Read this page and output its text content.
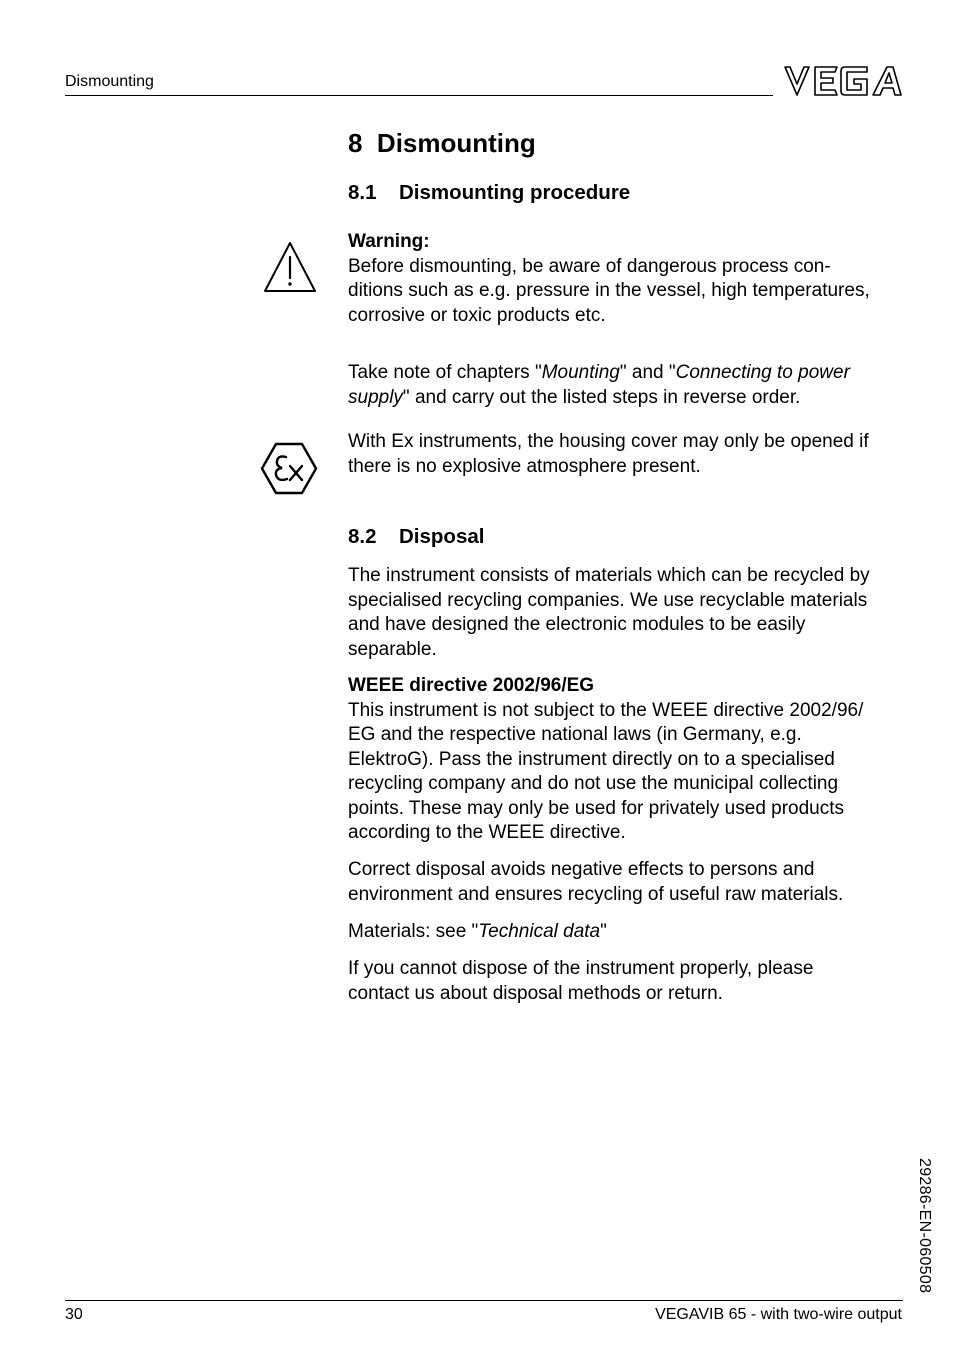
Dismounting
VEGA
8 Dismounting
8.1 Dismounting procedure
Warning:
Before dismounting, be aware of dangerous process con-
ditions such as e.g. pressure in the vessel, high temperatures,
corrosive or toxic products etc.
Take note of chapters "Mounting" and "Connecting to power
supply" and carry out the listed steps in reverse order.
With Ex instruments, the housing cover may only be opened if
there is no explosive atmosphere present.
8.2 Disposal
The instrument consists of materials which can be recycled by
specialised recycling companies. We use recyclable materials
and have designed the electronic modules to be easily
separable.
WEEE directive 2002/96/EG
This instrument is not subject to the WEEE directive 2002/96/
EG and the respective national laws (in Germany, e.g.
ElektroG). Pass the instrument directly on to a specialised
recycling company and do not use the municipal collecting
points. These may only be used for privately used products
according to the WEEE directive.
Correct disposal avoids negative effects to persons and
environment and ensures recycling of useful raw materials.
Materials: see "Technical data"
If you cannot dispose of the instrument properly, please
contact us about disposal methods or return.
29286-EN-060508
30	VEGAVIB 65 - with two-wire output
